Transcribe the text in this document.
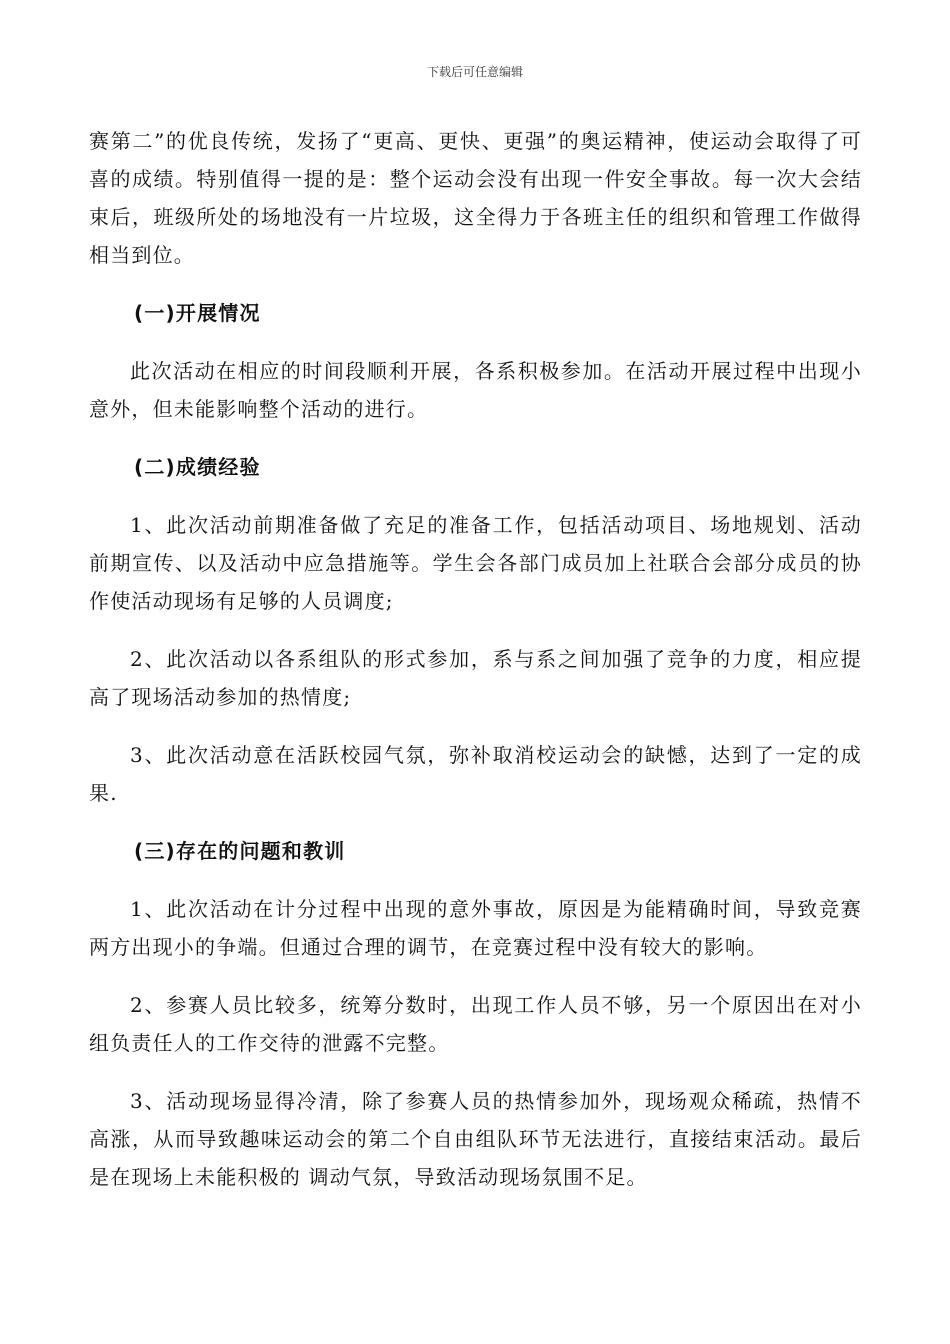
下载后可任意编辑

赛第二”的优良传统，发扬了“更高、更快、更强”的奥运精神，使运动会取得了可喜的成绩。特别值得一提的是：整个运动会没有出现一件安全事故。每一次大会结束后，班级所处的场地没有一片垃圾，这全得力于各班主任的组织和管理工作做得相当到位。

(一)开展情况

此次活动在相应的时间段顺利开展，各系积极参加。在活动开展过程中出现小意外，但未能影响整个活动的进行。

(二)成绩经验

1、此次活动前期准备做了充足的准备工作，包括活动项目、场地规划、活动前期宣传、以及活动中应急措施等。学生会各部门成员加上社联合会部分成员的协作使活动现场有足够的人员调度;

2、此次活动以各系组队的形式参加，系与系之间加强了竞争的力度，相应提高了现场活动参加的热情度;

3、此次活动意在活跃校园气氛，弥补取消校运动会的缺憾，达到了一定的成果.

(三)存在的问题和教训

1、此次活动在计分过程中出现的意外事故，原因是为能精确时间，导致竞赛两方出现小的争端。但通过合理的调节，在竞赛过程中没有较大的影响。

2、参赛人员比较多，统筹分数时，出现工作人员不够，另一个原因出在对小组负责任人的工作交待的泄露不完整。

3、活动现场显得冷清，除了参赛人员的热情参加外，现场观众稀疏，热情不高涨，从而导致趣味运动会的第二个自由组队环节无法进行，直接结束活动。最后是在现场上未能积极的 调动气氛，导致活动现场氛围不足。
